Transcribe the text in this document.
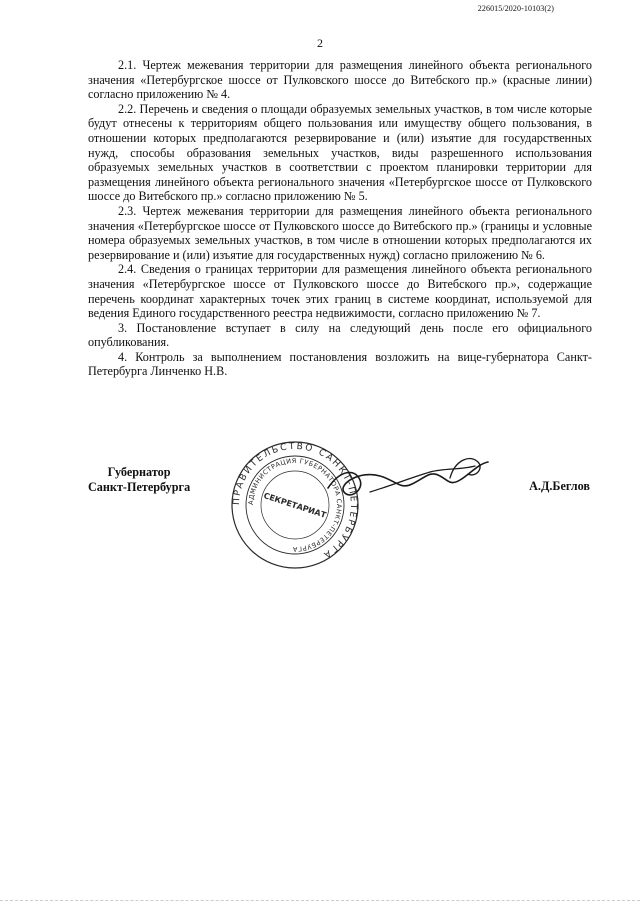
226015/2020-10103(2)
2

2.1. Чертеж межевания территории для размещения линейного объекта регионального значения «Петербургское шоссе от Пулковского шоссе до Витебского пр.» (красные линии) согласно приложению № 4.

2.2. Перечень и сведения о площади образуемых земельных участков, в том числе которые будут отнесены к территориям общего пользования или имуществу общего пользования, в отношении которых предполагаются резервирование и (или) изъятие для государственных нужд, способы образования земельных участков, виды разрешенного использования образуемых земельных участков в соответствии с проектом планировки территории для размещения линейного объекта регионального значения «Петербургское шоссе от Пулковского шоссе до Витебского пр.» согласно приложению № 5.

2.3. Чертеж межевания территории для размещения линейного объекта регионального значения «Петербургское шоссе от Пулковского шоссе до Витебского пр.» (границы и условные номера образуемых земельных участков, в том числе в отношении которых предполагаются их резервирование и (или) изъятие для государственных нужд) согласно приложению № 6.

2.4. Сведения о границах территории для размещения линейного объекта регионального значения «Петербургское шоссе от Пулковского шоссе до Витебского пр.», содержащие перечень координат характерных точек этих границ в системе координат, используемой для ведения Единого государственного реестра недвижимости, согласно приложению № 7.

3. Постановление вступает в силу на следующий день после его официального опубликования.

4. Контроль за выполнением постановления возложить на вице-губернатора Санкт-Петербурга Линченко Н.В.

Губернатор
Санкт-Петербурга
ПРАВИТЕЛЬСТВО САНКТ-ПЕТЕРБУРГА
АДМИНИСТРАЦИЯ ГУБЕРНАТОРА САНКТ-ПЕТЕРБУРГА
СЕКРЕТАРИАТ
А.Д.Беглов
